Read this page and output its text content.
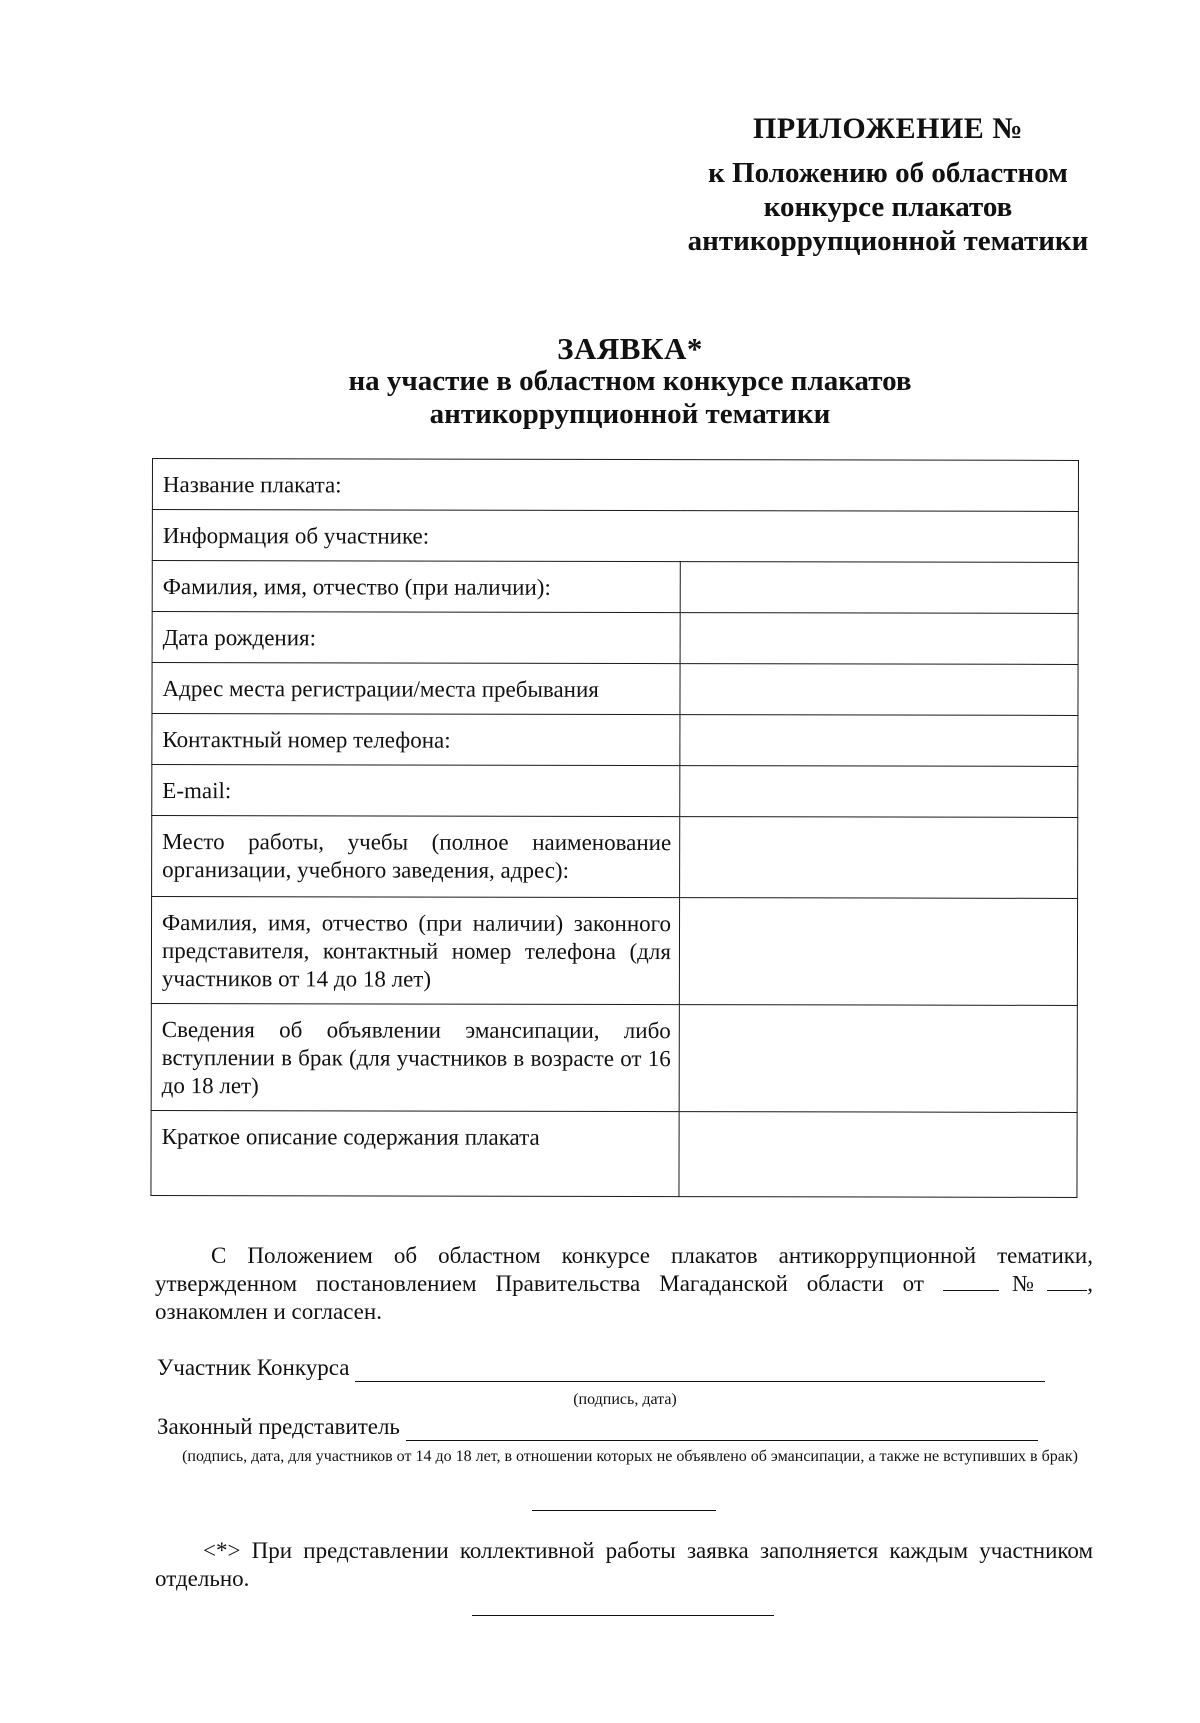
ПРИЛОЖЕНИЕ №
к Положению об областном
конкурсе плакатов
антикоррупционной тематики
ЗАЯВКА*
на участие в областном конкурсе плакатов
антикоррупционной тематики
Название плаката:	
Информация об участнике:	
Фамилия, имя, отчество (при наличии):	
Дата рождения:	
Адрес места регистрации/места пребывания	
Контактный номер телефона:	
E-mail:	
Место работы, учебы (полное наименование организации, учебного заведения, адрес):	
Фамилия, имя, отчество (при наличии) законного представителя, контактный номер телефона (для участников от 14 до 18 лет)	
Сведения об объявлении эмансипации, либо вступлении в брак (для участников в возрасте от 16 до 18 лет)	
Краткое описание содержания плаката	
С Положением об областном конкурсе плакатов антикоррупционной тематики, утвержденном постановлением Правительства Магаданской области от	№ , ознакомлен и согласен.
Участник Конкурса
(подпись, дата)
Законный представитель
(подпись, дата, для участников от 14 до 18 лет, в отношении которых не объявлено об эмансипации, а также не вступивших в брак)
<*> При представлении коллективной работы заявка заполняется каждым участником отдельно.
